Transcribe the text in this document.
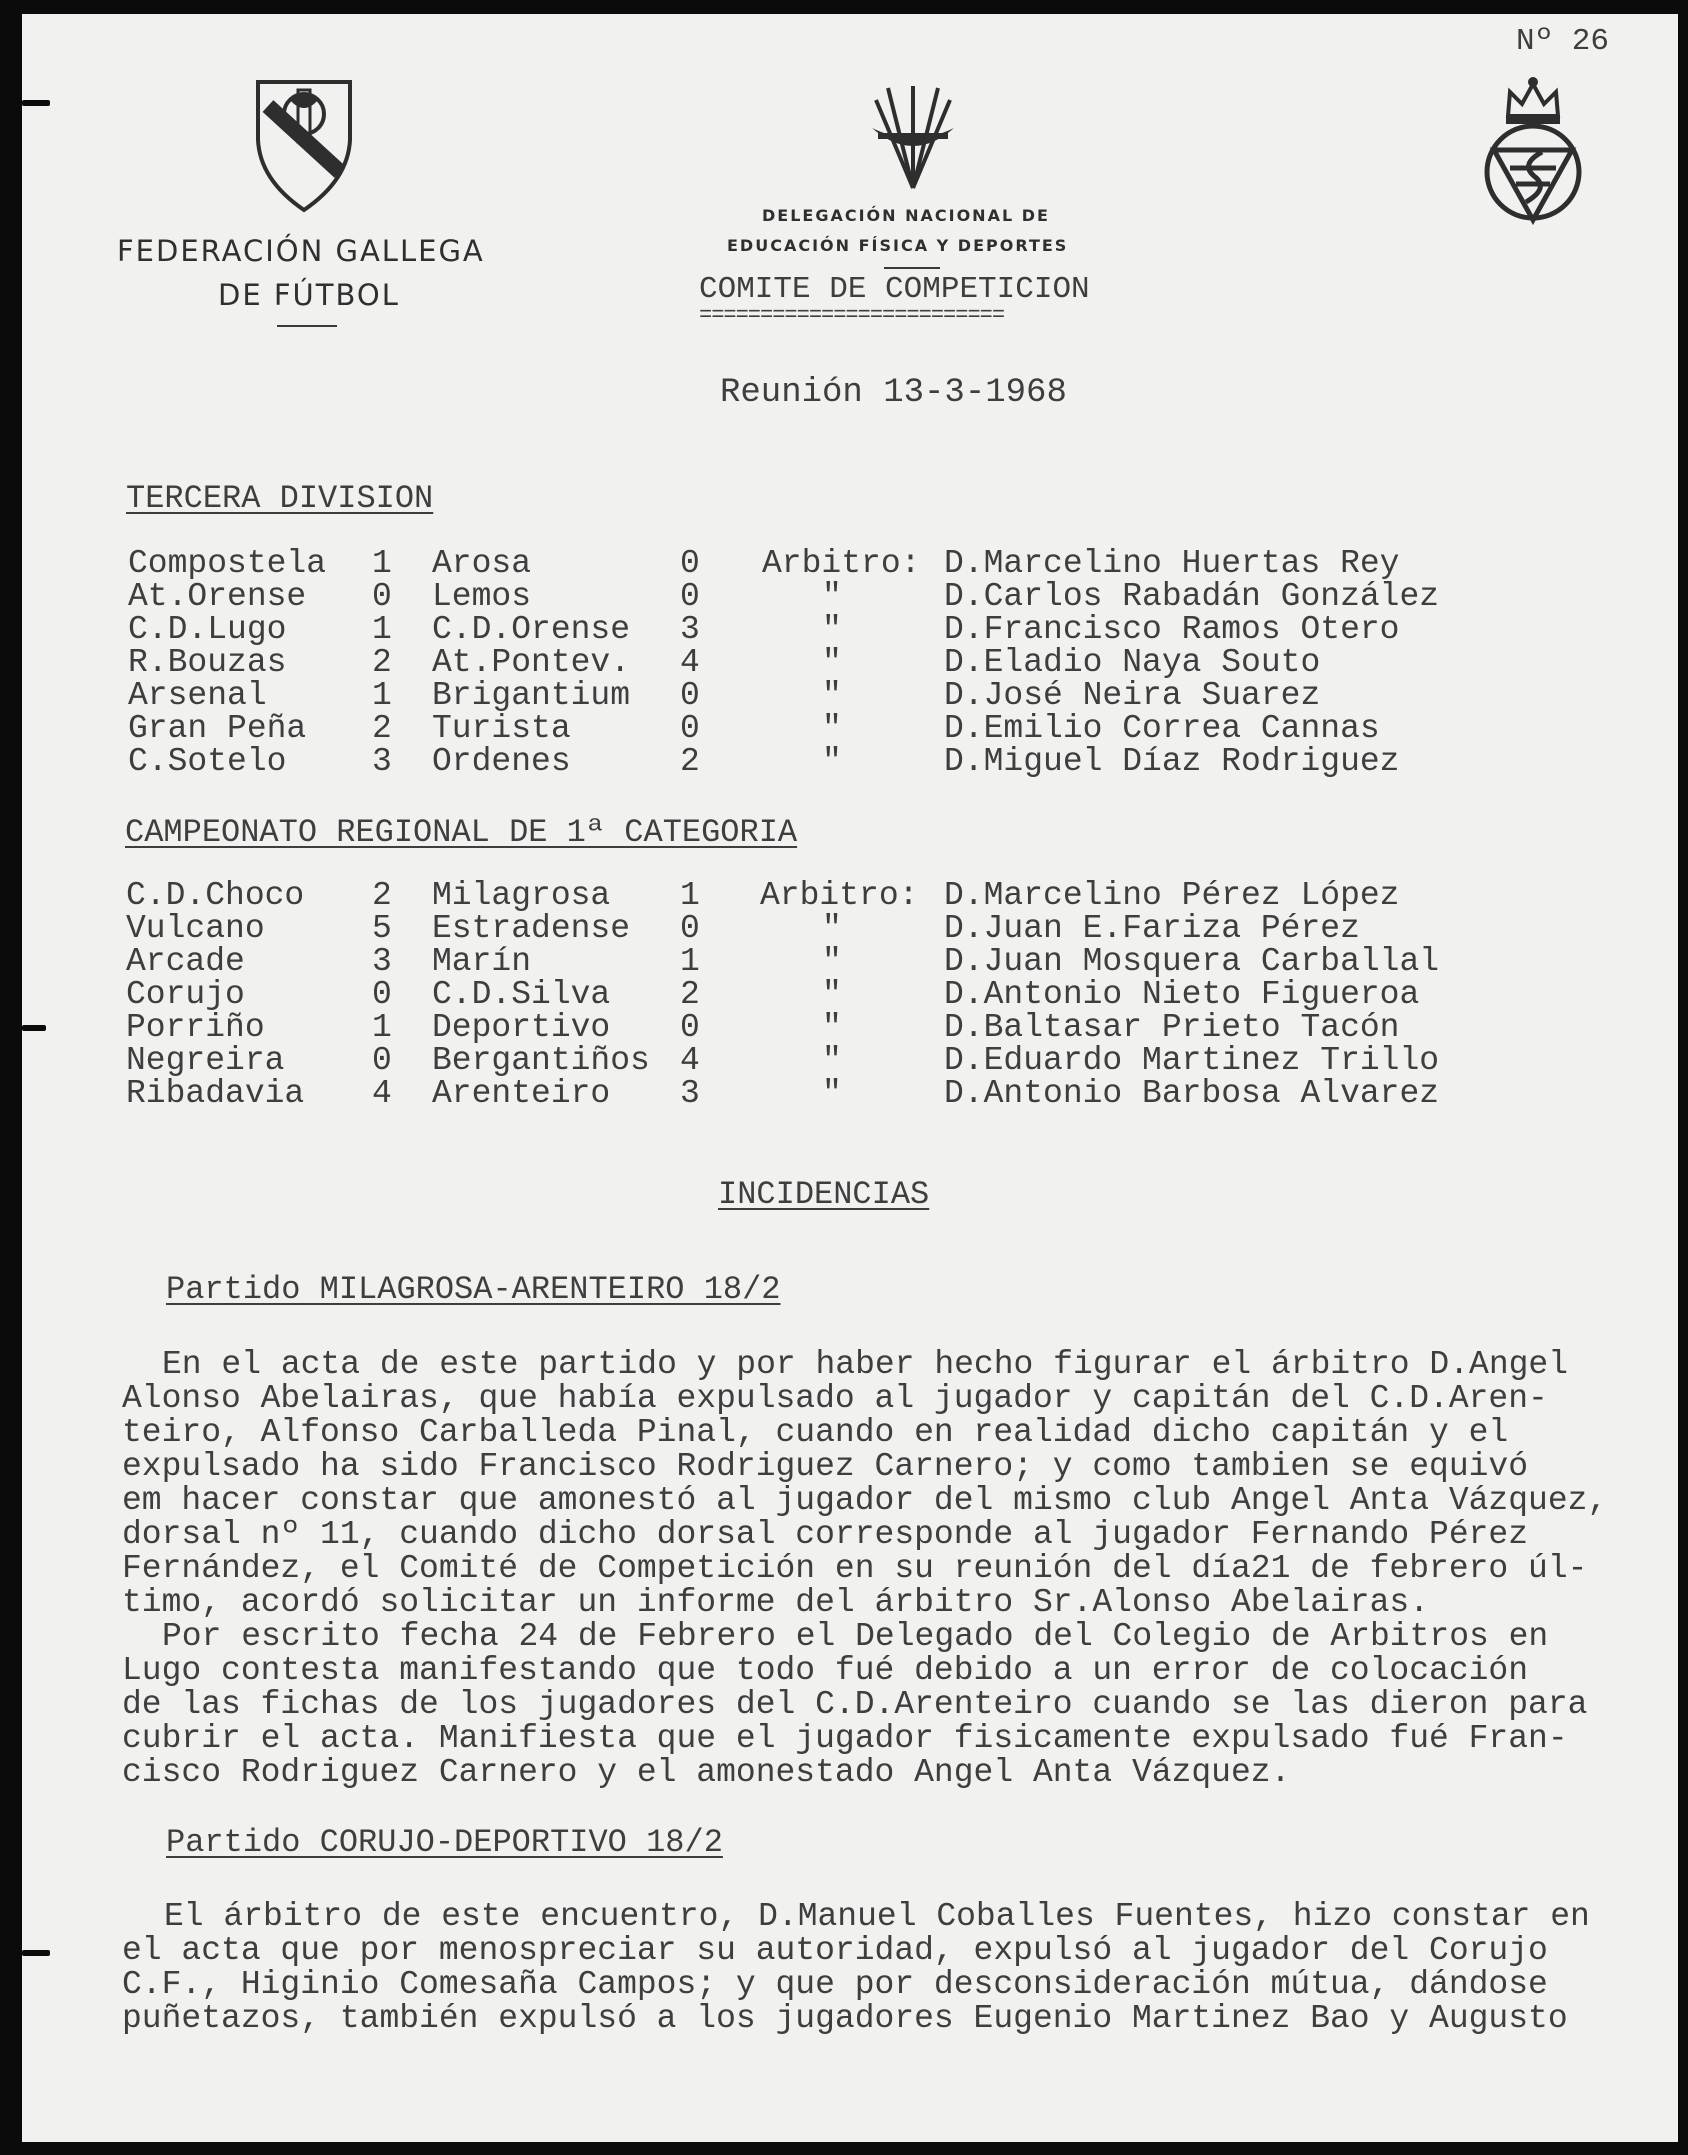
Nº 26
FEDERACIÓN GALLEGA
DE FÚTBOL
DELEGACIÓN NACIONAL DE
EDUCACIÓN FÍSICA Y DEPORTES
COMITE DE COMPETICION
=========================
Reunión 13-3-1968
TERCERA DIVISION
Compostela 1 Arosa	0 Arbitro: D.Marcelino Huertas Rey
At.Orense 0 Lemos	0	"	D.Carlos Rabadán González
C.D.Lugo	1 C.D.Orense 3	"	D.Francisco Ramos Otero
R.Bouzas	2 At.Pontev. 4	"	D.Eladio Naya Souto
Arsenal	1 Brigantium 0	"	D.José Neira Suarez
Gran Peña 2 Turista	0	"	D.Emilio Correa Cannas
C.Sotelo	3 Ordenes	2	"	D.Miguel Díaz Rodriguez
CAMPEONATO REGIONAL DE 1ª CATEGORIA
C.D.Choco 2 Milagrosa 1 Arbitro: D.Marcelino Pérez López
Vulcano	5 Estradense 0	"	D.Juan E.Fariza Pérez
Arcade	3 Marín	1	"	D.Juan Mosquera Carballal
Corujo	0 C.D.Silva 2	"	D.Antonio Nieto Figueroa
Porriño	1 Deportivo 0	"	D.Baltasar Prieto Tacón
Negreira	0 Bergantiños 4	"	D.Eduardo Martinez Trillo
Ribadavia 4 Arenteiro 3	"	D.Antonio Barbosa Alvarez
INCIDENCIAS
Partido MILAGROSA-ARENTEIRO 18/2
En el acta de este partido y por haber hecho figurar el árbitro D.Angel
Alonso Abelairas, que había expulsado al jugador y capitán del C.D.Aren-
teiro, Alfonso Carballeda Pinal, cuando en realidad dicho capitán y el
expulsado ha sido Francisco Rodriguez Carnero; y como tambien se equivó
em hacer constar que amonestó al jugador del mismo club Angel Anta Vázquez,
dorsal nº 11, cuando dicho dorsal corresponde al jugador Fernando Pérez
Fernández, el Comité de Competición en su reunión del día21 de febrero úl-
timo, acordó solicitar un informe del árbitro Sr.Alonso Abelairas.
Por escrito fecha 24 de Febrero el Delegado del Colegio de Arbitros en
Lugo contesta manifestando que todo fué debido a un error de colocación
de las fichas de los jugadores del C.D.Arenteiro cuando se las dieron para
cubrir el acta. Manifiesta que el jugador fisicamente expulsado fué Fran-
cisco Rodriguez Carnero y el amonestado Angel Anta Vázquez.
Partido CORUJO-DEPORTIVO 18/2
El árbitro de este encuentro, D.Manuel Coballes Fuentes, hizo constar en
el acta que por menospreciar su autoridad, expulsó al jugador del Corujo
C.F., Higinio Comesaña Campos; y que por desconsideración mútua, dándose
puñetazos, también expulsó a los jugadores Eugenio Martinez Bao y Augusto
